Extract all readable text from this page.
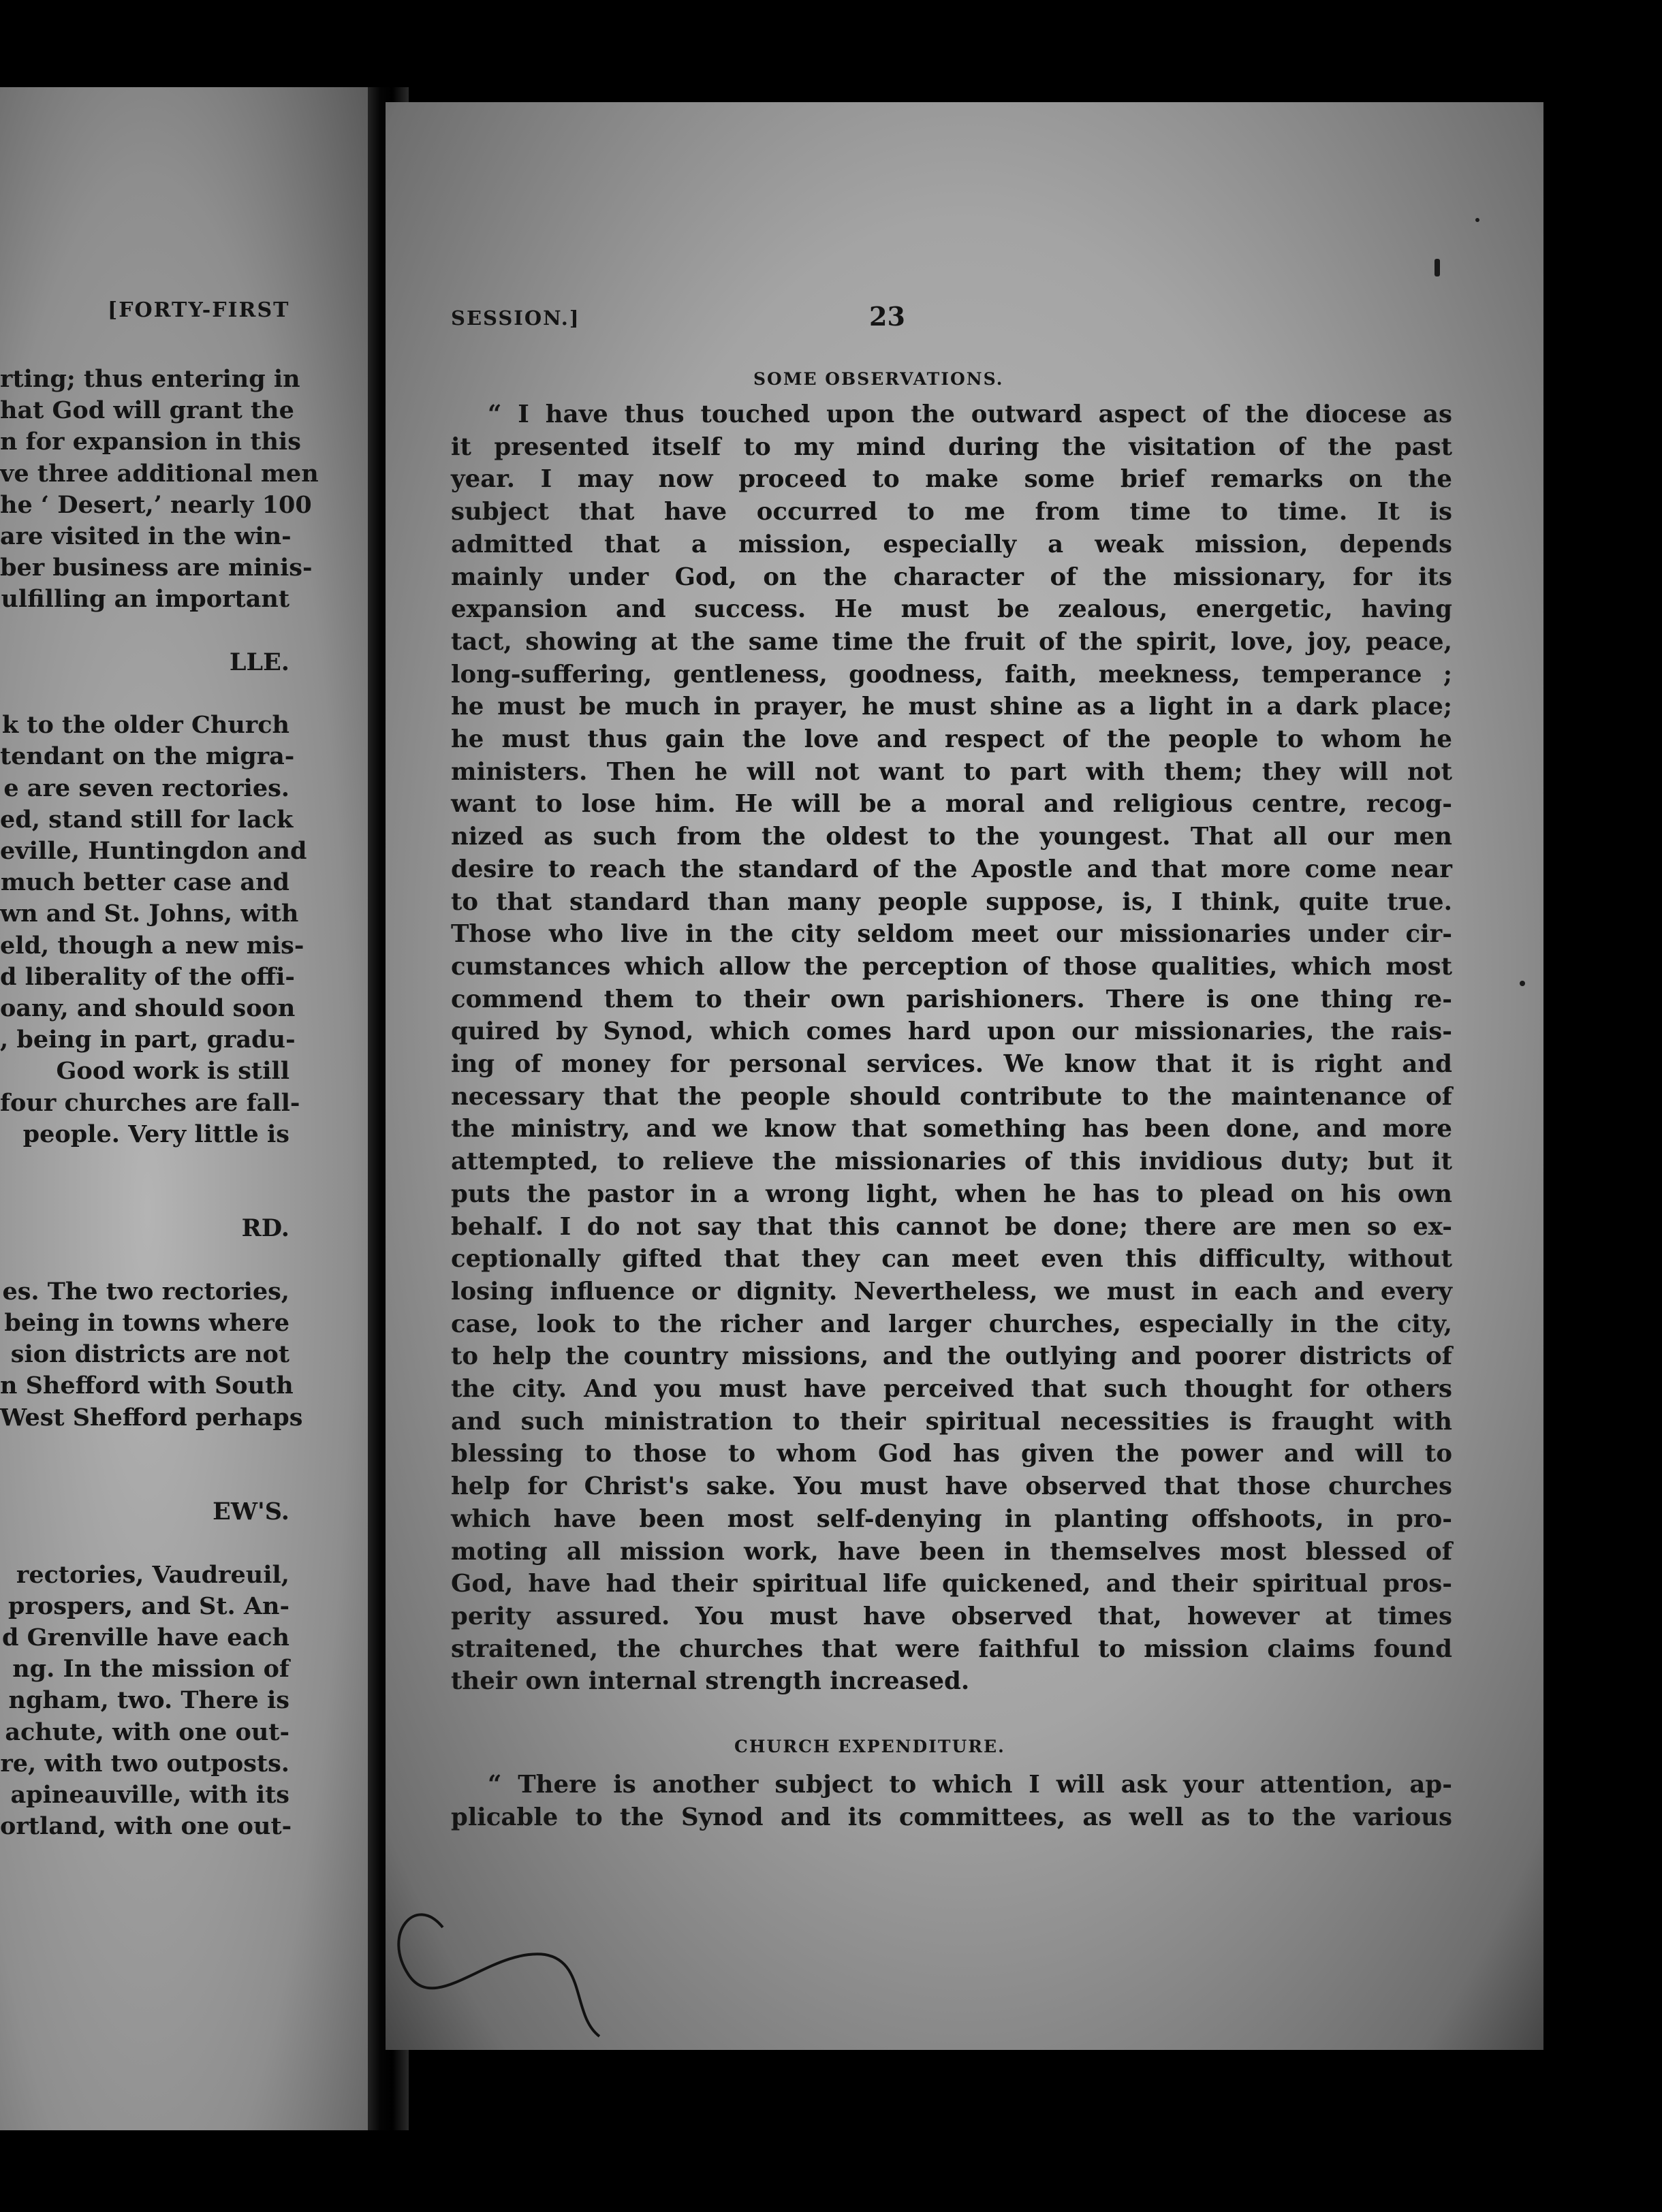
[FORTY-FIRST
rting; thus entering in
hat God will grant the
n for expansion in this
ve three additional men
he ‘ Desert,’ nearly 100
are visited in the win-
ber business are minis-
ulfilling an important
LLE.
k to the older Church
tendant on the migra-
e are seven rectories.
ed, stand still for lack
eville, Huntingdon and
much better case and
wn and St. Johns, with
eld, though a new mis-
d liberality of the offi-
oany, and should soon
, being in part, gradu-
Good work is still
four churches are fall-
people. Very little is
RD.
es. The two rectories,
being in towns where
sion districts are not
n Shefford with South
West Shefford perhaps
EW'S.
rectories, Vaudreuil,
prospers, and St. An-
d Grenville have each
ng. In the mission of
ngham, two. There is
achute, with one out-
re, with two outposts.
apineauville, with its
ortland, with one out-
SESSION.]	23
SOME OBSERVATIONS.
“ I have thus touched upon the outward aspect of the diocese as
it presented itself to my mind during the visitation of the past
year. I may now proceed to make some brief remarks on the
subject that have occurred to me from time to time. It is
admitted that a mission, especially a weak mission, depends
mainly under God, on the character of the missionary, for its
expansion and success. He must be zealous, energetic, having
tact, showing at the same time the fruit of the spirit, love, joy, peace,
long-suffering, gentleness, goodness, faith, meekness, temperance ;
he must be much in prayer, he must shine as a light in a dark place;
he must thus gain the love and respect of the people to whom he
ministers. Then he will not want to part with them; they will not
want to lose him. He will be a moral and religious centre, recog-
nized as such from the oldest to the youngest. That all our men
desire to reach the standard of the Apostle and that more come near
to that standard than many people suppose, is, I think, quite true.
Those who live in the city seldom meet our missionaries under cir-
cumstances which allow the perception of those qualities, which most
commend them to their own parishioners. There is one thing re-
quired by Synod, which comes hard upon our missionaries, the rais-
ing of money for personal services. We know that it is right and
necessary that the people should contribute to the maintenance of
the ministry, and we know that something has been done, and more
attempted, to relieve the missionaries of this invidious duty; but it
puts the pastor in a wrong light, when he has to plead on his own
behalf. I do not say that this cannot be done; there are men so ex-
ceptionally gifted that they can meet even this difficulty, without
losing influence or dignity. Nevertheless, we must in each and every
case, look to the richer and larger churches, especially in the city,
to help the country missions, and the outlying and poorer districts of
the city. And you must have perceived that such thought for others
and such ministration to their spiritual necessities is fraught with
blessing to those to whom God has given the power and will to
help for Christ's sake. You must have observed that those churches
which have been most self-denying in planting offshoots, in pro-
moting all mission work, have been in themselves most blessed of
God, have had their spiritual life quickened, and their spiritual pros-
perity assured. You must have observed that, however at times
straitened, the churches that were faithful to mission claims found
their own internal strength increased.
CHURCH EXPENDITURE.
“ There is another subject to which I will ask your attention, ap-
plicable to the Synod and its committees, as well as to the various
